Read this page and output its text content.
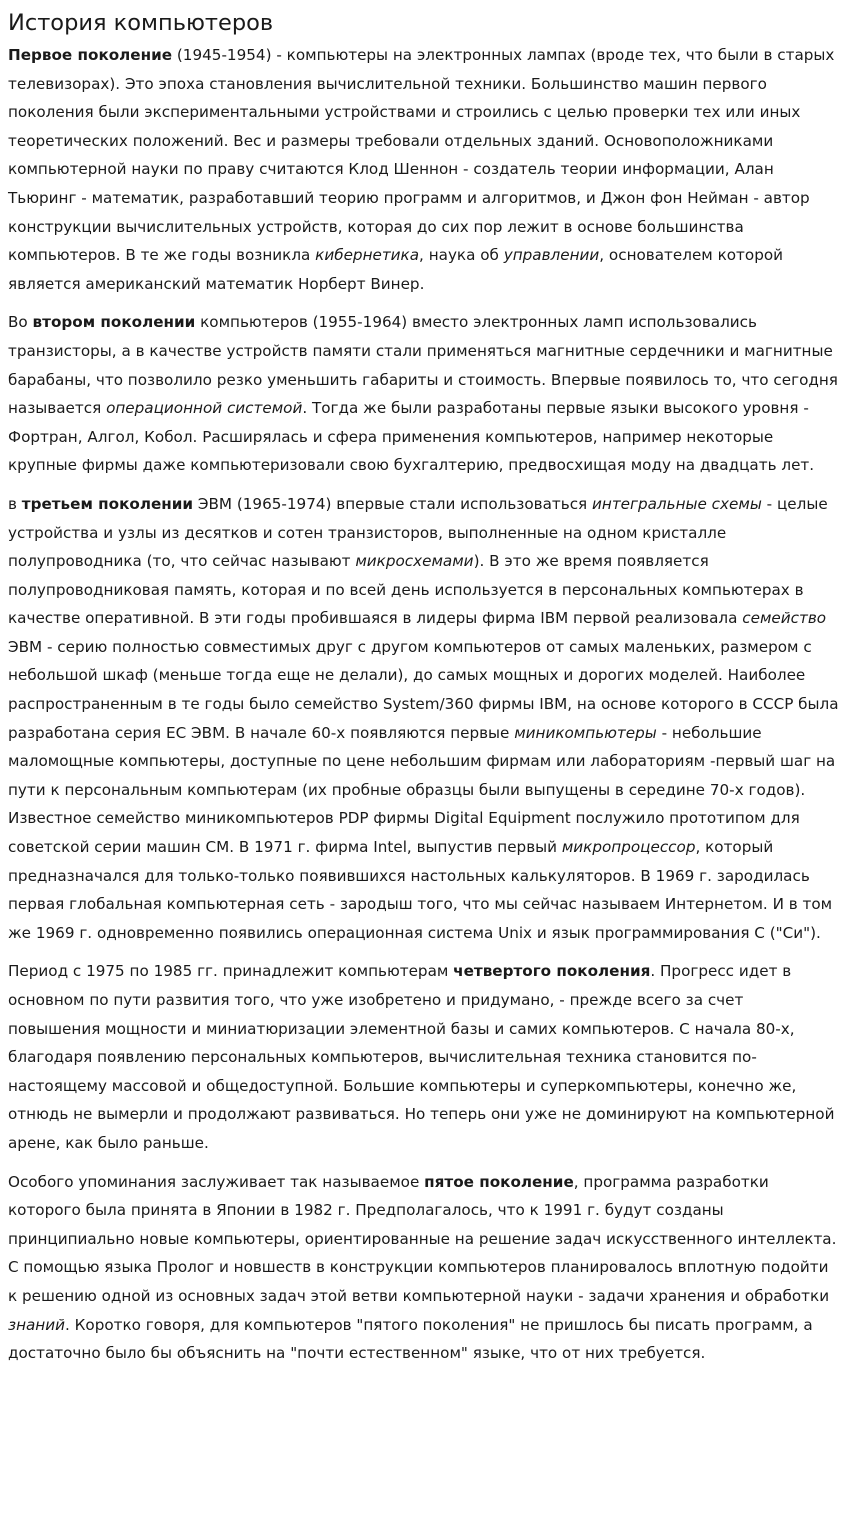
История компьютеров

Первое поколение (1945-1954) - компьютеры на электронных лампах (вроде тех, что были в старых телевизорах). Это эпоха становления вычислительной техники. Большинство машин первого поколения были экспериментальными устройствами и строились с целью проверки тех или иных теоретических положений. Вес и размеры требовали отдельных зданий. Основоположниками компьютерной науки по праву считаются Клод Шеннон - создатель теории информации, Алан Тьюринг - математик, разработавший теорию программ и алгоритмов, и Джон фон Нейман - автор конструкции вычислительных устройств, которая до сих пор лежит в основе большинства компьютеров. В те же годы возникла кибернетика, наука об управлении, основателем которой является американский математик Норберт Винер.

Во втором поколении компьютеров (1955-1964) вместо электронных ламп использовались транзисторы, а в качестве устройств памяти стали применяться магнитные сердечники и магнитные барабаны, что позволило резко уменьшить габариты и стоимость. Впервые появилось то, что сегодня называется операционной системой. Тогда же были разработаны первые языки высокого уровня - Фортран, Алгол, Кобол. Расширялась и сфера применения компьютеров, например некоторые крупные фирмы даже компьютеризовали свою бухгалтерию, предвосхищая моду на двадцать лет.

в третьем поколении ЭВМ (1965-1974) впервые стали использоваться интегральные схемы - целые устройства и узлы из десятков и сотен транзисторов, выполненные на одном кристалле полупроводника (то, что сейчас называют микросхемами). В это же время появляется полупроводниковая память, которая и по всей день используется в персональных компьютерах в качестве оперативной. В эти годы пробившаяся в лидеры фирма IBM первой реализовала семейство ЭВМ - серию полностью совместимых друг с другом компьютеров от самых маленьких, размером с небольшой шкаф (меньше тогда еще не делали), до самых мощных и дорогих моделей. Наиболее распространенным в те годы было семейство System/360 фирмы IBM, на основе которого в СССР была разработана серия ЕС ЭВМ. В начале 60-х появляются первые миникомпьютеры - небольшие маломощные компьютеры, доступные по цене небольшим фирмам или лабораториям -первый шаг на пути к персональным компьютерам (их пробные образцы были выпущены в середине 70-х годов). Известное семейство миникомпьютеров PDP фирмы Digital Equipment послужило прототипом для советской серии машин СМ. В 1971 г. фирма Intel, выпустив первый микропроцессор, который предназначался для только-только появившихся настольных калькуляторов. В 1969 г. зародилась первая глобальная компьютерная сеть - зародыш того, что мы сейчас называем Интернетом. И в том же 1969 г. одновременно появились операционная система Unix и язык программирования С ("Си").

Период с 1975 по 1985 гг. принадлежит компьютерам четвертого поколения. Прогресс идет в основном по пути развития того, что уже изобретено и придумано, - прежде всего за счет повышения мощности и миниатюризации элементной базы и самих компьютеров. С начала 80-х, благодаря появлению персональных компьютеров, вычислительная техника становится по-настоящему массовой и общедоступной. Большие компьютеры и суперкомпьютеры, конечно же, отнюдь не вымерли и продолжают развиваться. Но теперь они уже не доминируют на компьютерной арене, как было раньше.

Особого упоминания заслуживает так называемое пятое поколение, программа разработки которого была принята в Японии в 1982 г. Предполагалось, что к 1991 г. будут созданы принципиально новые компьютеры, ориентированные на решение задач искусственного интеллекта. С помощью языка Пролог и новшеств в конструкции компьютеров планировалось вплотную подойти к решению одной из основных задач этой ветви компьютерной науки - задачи хранения и обработки знаний. Коротко говоря, для компьютеров "пятого поколения" не пришлось бы писать программ, а достаточно было бы объяснить на "почти естественном" языке, что от них требуется.
